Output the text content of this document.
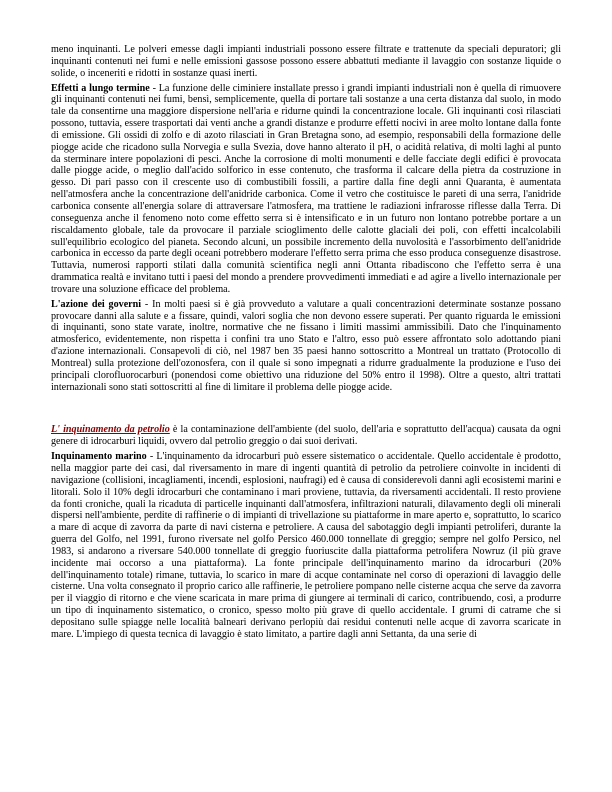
meno inquinanti. Le polveri emesse dagli impianti industriali possono essere filtrate e trattenute da speciali depuratori; gli inquinanti contenuti nei fumi e nelle emissioni gassose possono essere abbattuti mediante il lavaggio con sostanze liquide o solide, o inceneriti e ridotti in sostanze quasi inerti.

Effetti a lungo termine - La funzione delle ciminiere installate presso i grandi impianti industriali non è quella di rimuovere gli inquinanti contenuti nei fumi, bensì, semplicemente, quella di portare tali sostanze a una certa distanza dal suolo, in modo tale da consentirne una maggiore dispersione nell'aria e ridurne quindi la concentrazione locale. Gli inquinanti così rilasciati possono, tuttavia, essere trasportati dai venti anche a grandi distanze e produrre effetti nocivi in aree molto lontane dalla fonte di emissione. Gli ossidi di zolfo e di azoto rilasciati in Gran Bretagna sono, ad esempio, responsabili della formazione delle piogge acide che ricadono sulla Norvegia e sulla Svezia, dove hanno alterato il pH, o acidità relativa, di molti laghi al punto da sterminare intere popolazioni di pesci. Anche la corrosione di molti monumenti e delle facciate degli edifici è provocata dalle piogge acide, o meglio dall'acido solforico in esse contenuto, che trasforma il calcare della pietra da costruzione in gesso. Di pari passo con il crescente uso di combustibili fossili, a partire dalla fine degli anni Quaranta, è aumentata nell'atmosfera anche la concentrazione dell'anidride carbonica. Come il vetro che costituisce le pareti di una serra, l'anidride carbonica consente all'energia solare di attraversare l'atmosfera, ma trattiene le radiazioni infrarosse riflesse dalla Terra. Di conseguenza anche il fenomeno noto come effetto serra si è intensificato e in un futuro non lontano potrebbe portare a un riscaldamento globale, tale da provocare il parziale scioglimento delle calotte glaciali dei poli, con effetti incalcolabili sull'equilibrio ecologico del pianeta. Secondo alcuni, un possibile incremento della nuvolosità e l'assorbimento dell'anidride carbonica in eccesso da parte degli oceani potrebbero moderare l'effetto serra prima che esso produca conseguenze disastrose. Tuttavia, numerosi rapporti stilati dalla comunità scientifica negli anni Ottanta ribadiscono che l'effetto serra è una drammatica realtà e invitano tutti i paesi del mondo a prendere provvedimenti immediati e ad agire a livello internazionale per trovare una soluzione efficace del problema.

L'azione dei governi - In molti paesi si è già provveduto a valutare a quali concentrazioni determinate sostanze possano provocare danni alla salute e a fissare, quindi, valori soglia che non devono essere superati. Per quanto riguarda le emissioni di inquinanti, sono state varate, inoltre, normative che ne fissano i limiti massimi ammissibili. Dato che l'inquinamento atmosferico, evidentemente, non rispetta i confini tra uno Stato e l'altro, esso può essere affrontato solo adottando piani d'azione internazionali. Consapevoli di ciò, nel 1987 ben 35 paesi hanno sottoscritto a Montreal un trattato (Protocollo di Montreal) sulla protezione dell'ozonosfera, con il quale si sono impegnati a ridurre gradualmente la produzione e l'uso dei principali clorofluorocarburi (ponendosi come obiettivo una riduzione del 50% entro il 1998). Oltre a questo, altri trattati internazionali sono stati sottoscritti al fine di limitare il problema delle piogge acide.

L' inquinamento da petrolio è la contaminazione dell'ambiente (del suolo, dell'aria e soprattutto dell'acqua) causata da ogni genere di idrocarburi liquidi, ovvero dal petrolio greggio o dai suoi derivati.

Inquinamento marino - L'inquinamento da idrocarburi può essere sistematico o accidentale. Quello accidentale è prodotto, nella maggior parte dei casi, dal riversamento in mare di ingenti quantità di petrolio da petroliere coinvolte in incidenti di navigazione (collisioni, incagliamenti, incendi, esplosioni, naufragi) ed è causa di considerevoli danni agli ecosistemi marini e litorali. Solo il 10% degli idrocarburi che contaminano i mari proviene, tuttavia, da riversamenti accidentali. Il resto proviene da fonti croniche, quali la ricaduta di particelle inquinanti dall'atmosfera, infiltrazioni naturali, dilavamento degli oli minerali dispersi nell'ambiente, perdite di raffinerie o di impianti di trivellazione su piattaforme in mare aperto e, soprattutto, lo scarico a mare di acque di zavorra da parte di navi cisterna e petroliere. A causa del sabotaggio degli impianti petroliferi, durante la guerra del Golfo, nel 1991, furono riversate nel golfo Persico 460.000 tonnellate di greggio; sempre nel golfo Persico, nel 1983, si andarono a riversare 540.000 tonnellate di greggio fuoriuscite dalla piattaforma petrolifera Nowruz (il più grave incidente mai occorso a una piattaforma). La fonte principale dell'inquinamento marino da idrocarburi (20% dell'inquinamento totale) rimane, tuttavia, lo scarico in mare di acque contaminate nel corso di operazioni di lavaggio delle cisterne. Una volta consegnato il proprio carico alle raffinerie, le petroliere pompano nelle cisterne acqua che serve da zavorra per il viaggio di ritorno e che viene scaricata in mare prima di giungere ai terminali di carico, contribuendo, così, a produrre un tipo di inquinamento sistematico, o cronico, spesso molto più grave di quello accidentale. I grumi di catrame che si depositano sulle spiagge nelle località balneari derivano perlopiù dai residui contenuti nelle acque di zavorra scaricate in mare. L'impiego di questa tecnica di lavaggio è stato limitato, a partire dagli anni Settanta, da una serie di
